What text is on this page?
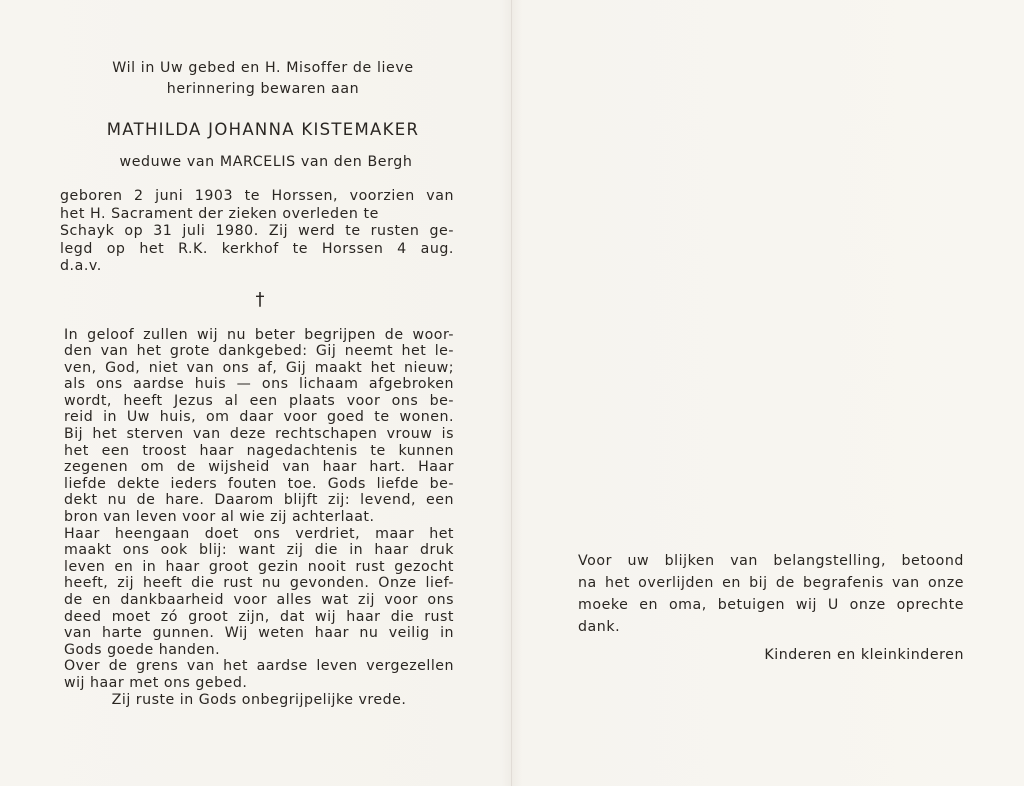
Wil in Uw gebed en H. Misoffer de lieve

herinnering bewaren aan

MATHILDA JOHANNA KISTEMAKER
weduwe van MARCELIS van den Bergh

geboren 2 juni 1903 te Horssen, voorzien van

het H. Sacrament der zieken overleden te

Schayk op 31 juli 1980. Zij werd te rusten ge-

legd op het R.K. kerkhof te Horssen 4 aug.

d.a.v.

†

In geloof zullen wij nu beter begrijpen de woor-

den van het grote dankgebed: Gij neemt het le-

ven, God, niet van ons af, Gij maakt het nieuw;

als ons aardse huis — ons lichaam afgebroken

wordt, heeft Jezus al een plaats voor ons be-

reid in Uw huis, om daar voor goed te wonen.

Bij het sterven van deze rechtschapen vrouw is

het een troost haar nagedachtenis te kunnen

zegenen om de wijsheid van haar hart. Haar

liefde dekte ieders fouten toe. Gods liefde be-

dekt nu de hare. Daarom blijft zij: levend, een

bron van leven voor al wie zij achterlaat.

Haar heengaan doet ons verdriet, maar het

maakt ons ook blij: want zij die in haar druk

leven en in haar groot gezin nooit rust gezocht

heeft, zij heeft die rust nu gevonden. Onze lief-

de en dankbaarheid voor alles wat zij voor ons

deed moet zó groot zijn, dat wij haar die rust

van harte gunnen. Wij weten haar nu veilig in

Gods goede handen.

Over de grens van het aardse leven vergezellen

wij haar met ons gebed.

Zij ruste in Gods onbegrijpelijke vrede.

Voor uw blijken van belangstelling, betoond

na het overlijden en bij de begrafenis van onze

moeke en oma, betuigen wij U onze oprechte

dank.

Kinderen en kleinkinderen
